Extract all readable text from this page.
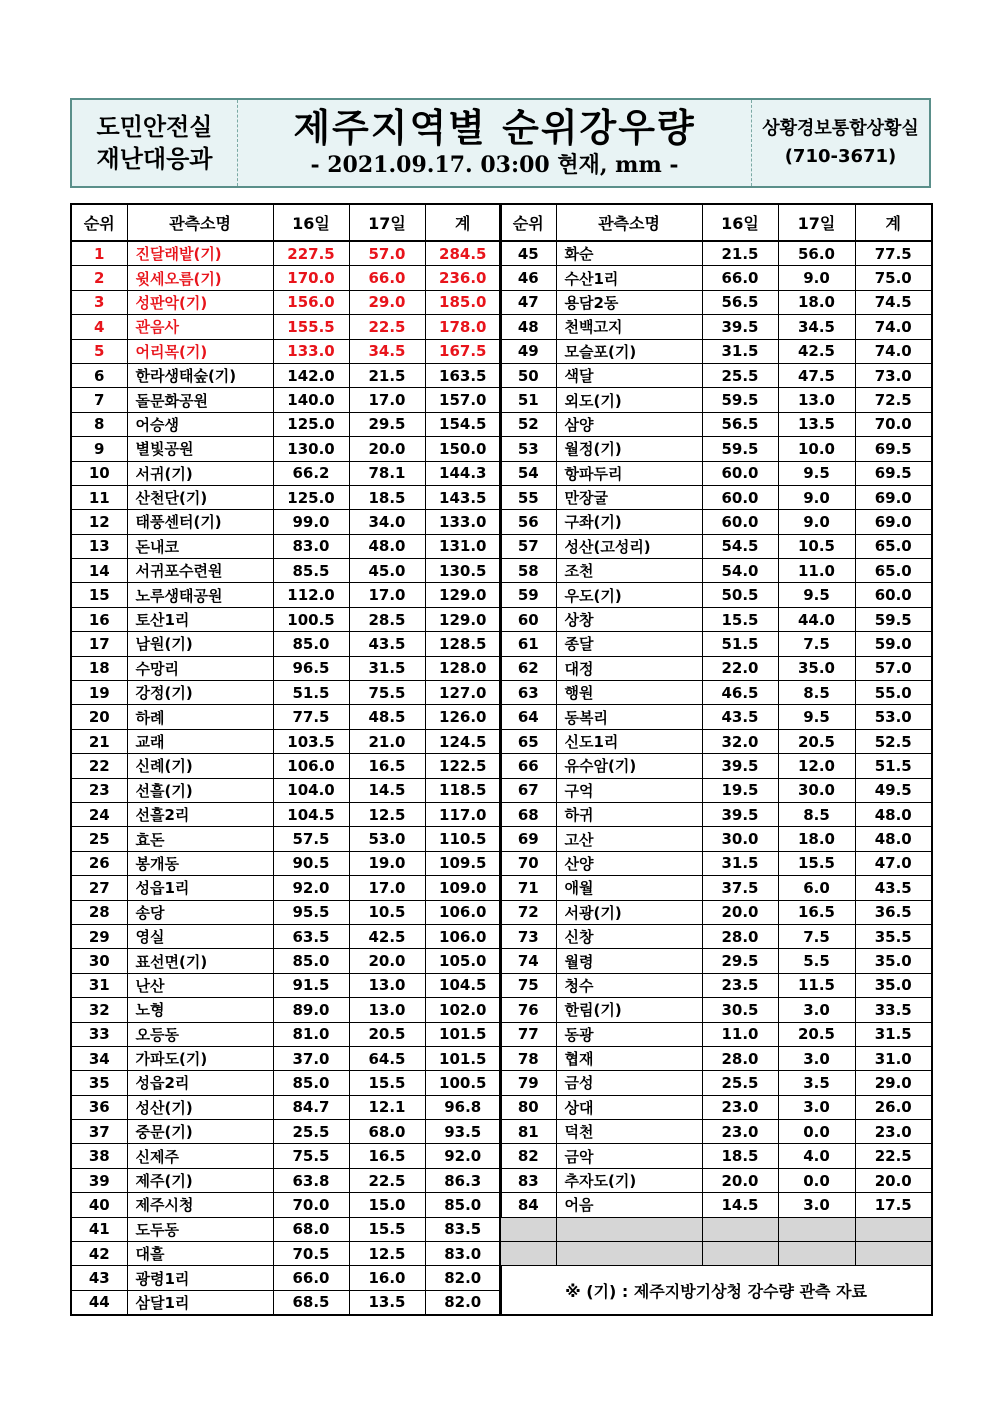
도민안전실
재난대응과
제주지역별 순위강우량
- 2021.09.17. 03:00 현재, mm -
상황경보통합상황실
(710-3671)
순위	관측소명	16일	17일	계
1	진달래밭(기)	227.5	57.0	284.5
2	윗세오름(기)	170.0	66.0	236.0
3	성판악(기)	156.0	29.0	185.0
4	관음사	155.5	22.5	178.0
5	어리목(기)	133.0	34.5	167.5
6	한라생태숲(기)	142.0	21.5	163.5
7	돌문화공원	140.0	17.0	157.0
8	어승생	125.0	29.5	154.5
9	별빛공원	130.0	20.0	150.0
10	서귀(기)	66.2	78.1	144.3
11	산천단(기)	125.0	18.5	143.5
12	태풍센터(기)	99.0	34.0	133.0
13	돈내코	83.0	48.0	131.0
14	서귀포수련원	85.5	45.0	130.5
15	노루생태공원	112.0	17.0	129.0
16	토산1리	100.5	28.5	129.0
17	남원(기)	85.0	43.5	128.5
18	수망리	96.5	31.5	128.0
19	강정(기)	51.5	75.5	127.0
20	하례	77.5	48.5	126.0
21	교래	103.5	21.0	124.5
22	신례(기)	106.0	16.5	122.5
23	선흘(기)	104.0	14.5	118.5
24	선흘2리	104.5	12.5	117.0
25	효돈	57.5	53.0	110.5
26	봉개동	90.5	19.0	109.5
27	성읍1리	92.0	17.0	109.0
28	송당	95.5	10.5	106.0
29	영실	63.5	42.5	106.0
30	표선면(기)	85.0	20.0	105.0
31	난산	91.5	13.0	104.5
32	노형	89.0	13.0	102.0
33	오등동	81.0	20.5	101.5
34	가파도(기)	37.0	64.5	101.5
35	성읍2리	85.0	15.5	100.5
36	성산(기)	84.7	12.1	96.8
37	중문(기)	25.5	68.0	93.5
38	신제주	75.5	16.5	92.0
39	제주(기)	63.8	22.5	86.3
40	제주시청	70.0	15.0	85.0
41	도두동	68.0	15.5	83.5
42	대흘	70.5	12.5	83.0
43	광령1리	66.0	16.0	82.0
44	삼달1리	68.5	13.5	82.0
순위	관측소명	16일	17일	계
45	화순	21.5	56.0	77.5
46	수산1리	66.0	9.0	75.0
47	용담2동	56.5	18.0	74.5
48	천백고지	39.5	34.5	74.0
49	모슬포(기)	31.5	42.5	74.0
50	색달	25.5	47.5	73.0
51	외도(기)	59.5	13.0	72.5
52	삼양	56.5	13.5	70.0
53	월정(기)	59.5	10.0	69.5
54	항파두리	60.0	9.5	69.5
55	만장굴	60.0	9.0	69.0
56	구좌(기)	60.0	9.0	69.0
57	성산(고성리)	54.5	10.5	65.0
58	조천	54.0	11.0	65.0
59	우도(기)	50.5	9.5	60.0
60	상창	15.5	44.0	59.5
61	종달	51.5	7.5	59.0
62	대정	22.0	35.0	57.0
63	행원	46.5	8.5	55.0
64	동복리	43.5	9.5	53.0
65	신도1리	32.0	20.5	52.5
66	유수암(기)	39.5	12.0	51.5
67	구억	19.5	30.0	49.5
68	하귀	39.5	8.5	48.0
69	고산	30.0	18.0	48.0
70	산양	31.5	15.5	47.0
71	애월	37.5	6.0	43.5
72	서광(기)	20.0	16.5	36.5
73	신창	28.0	7.5	35.5
74	월령	29.5	5.5	35.0
75	청수	23.5	11.5	35.0
76	한림(기)	30.5	3.0	33.5
77	동광	11.0	20.5	31.5
78	협재	28.0	3.0	31.0
79	금성	25.5	3.5	29.0
80	상대	23.0	3.0	26.0
81	덕천	23.0	0.0	23.0
82	금악	18.5	4.0	22.5
83	추자도(기)	20.0	0.0	20.0
84	어음	14.5	3.0	17.5

※ (기) : 제주지방기상청 강수량 관측 자료				
